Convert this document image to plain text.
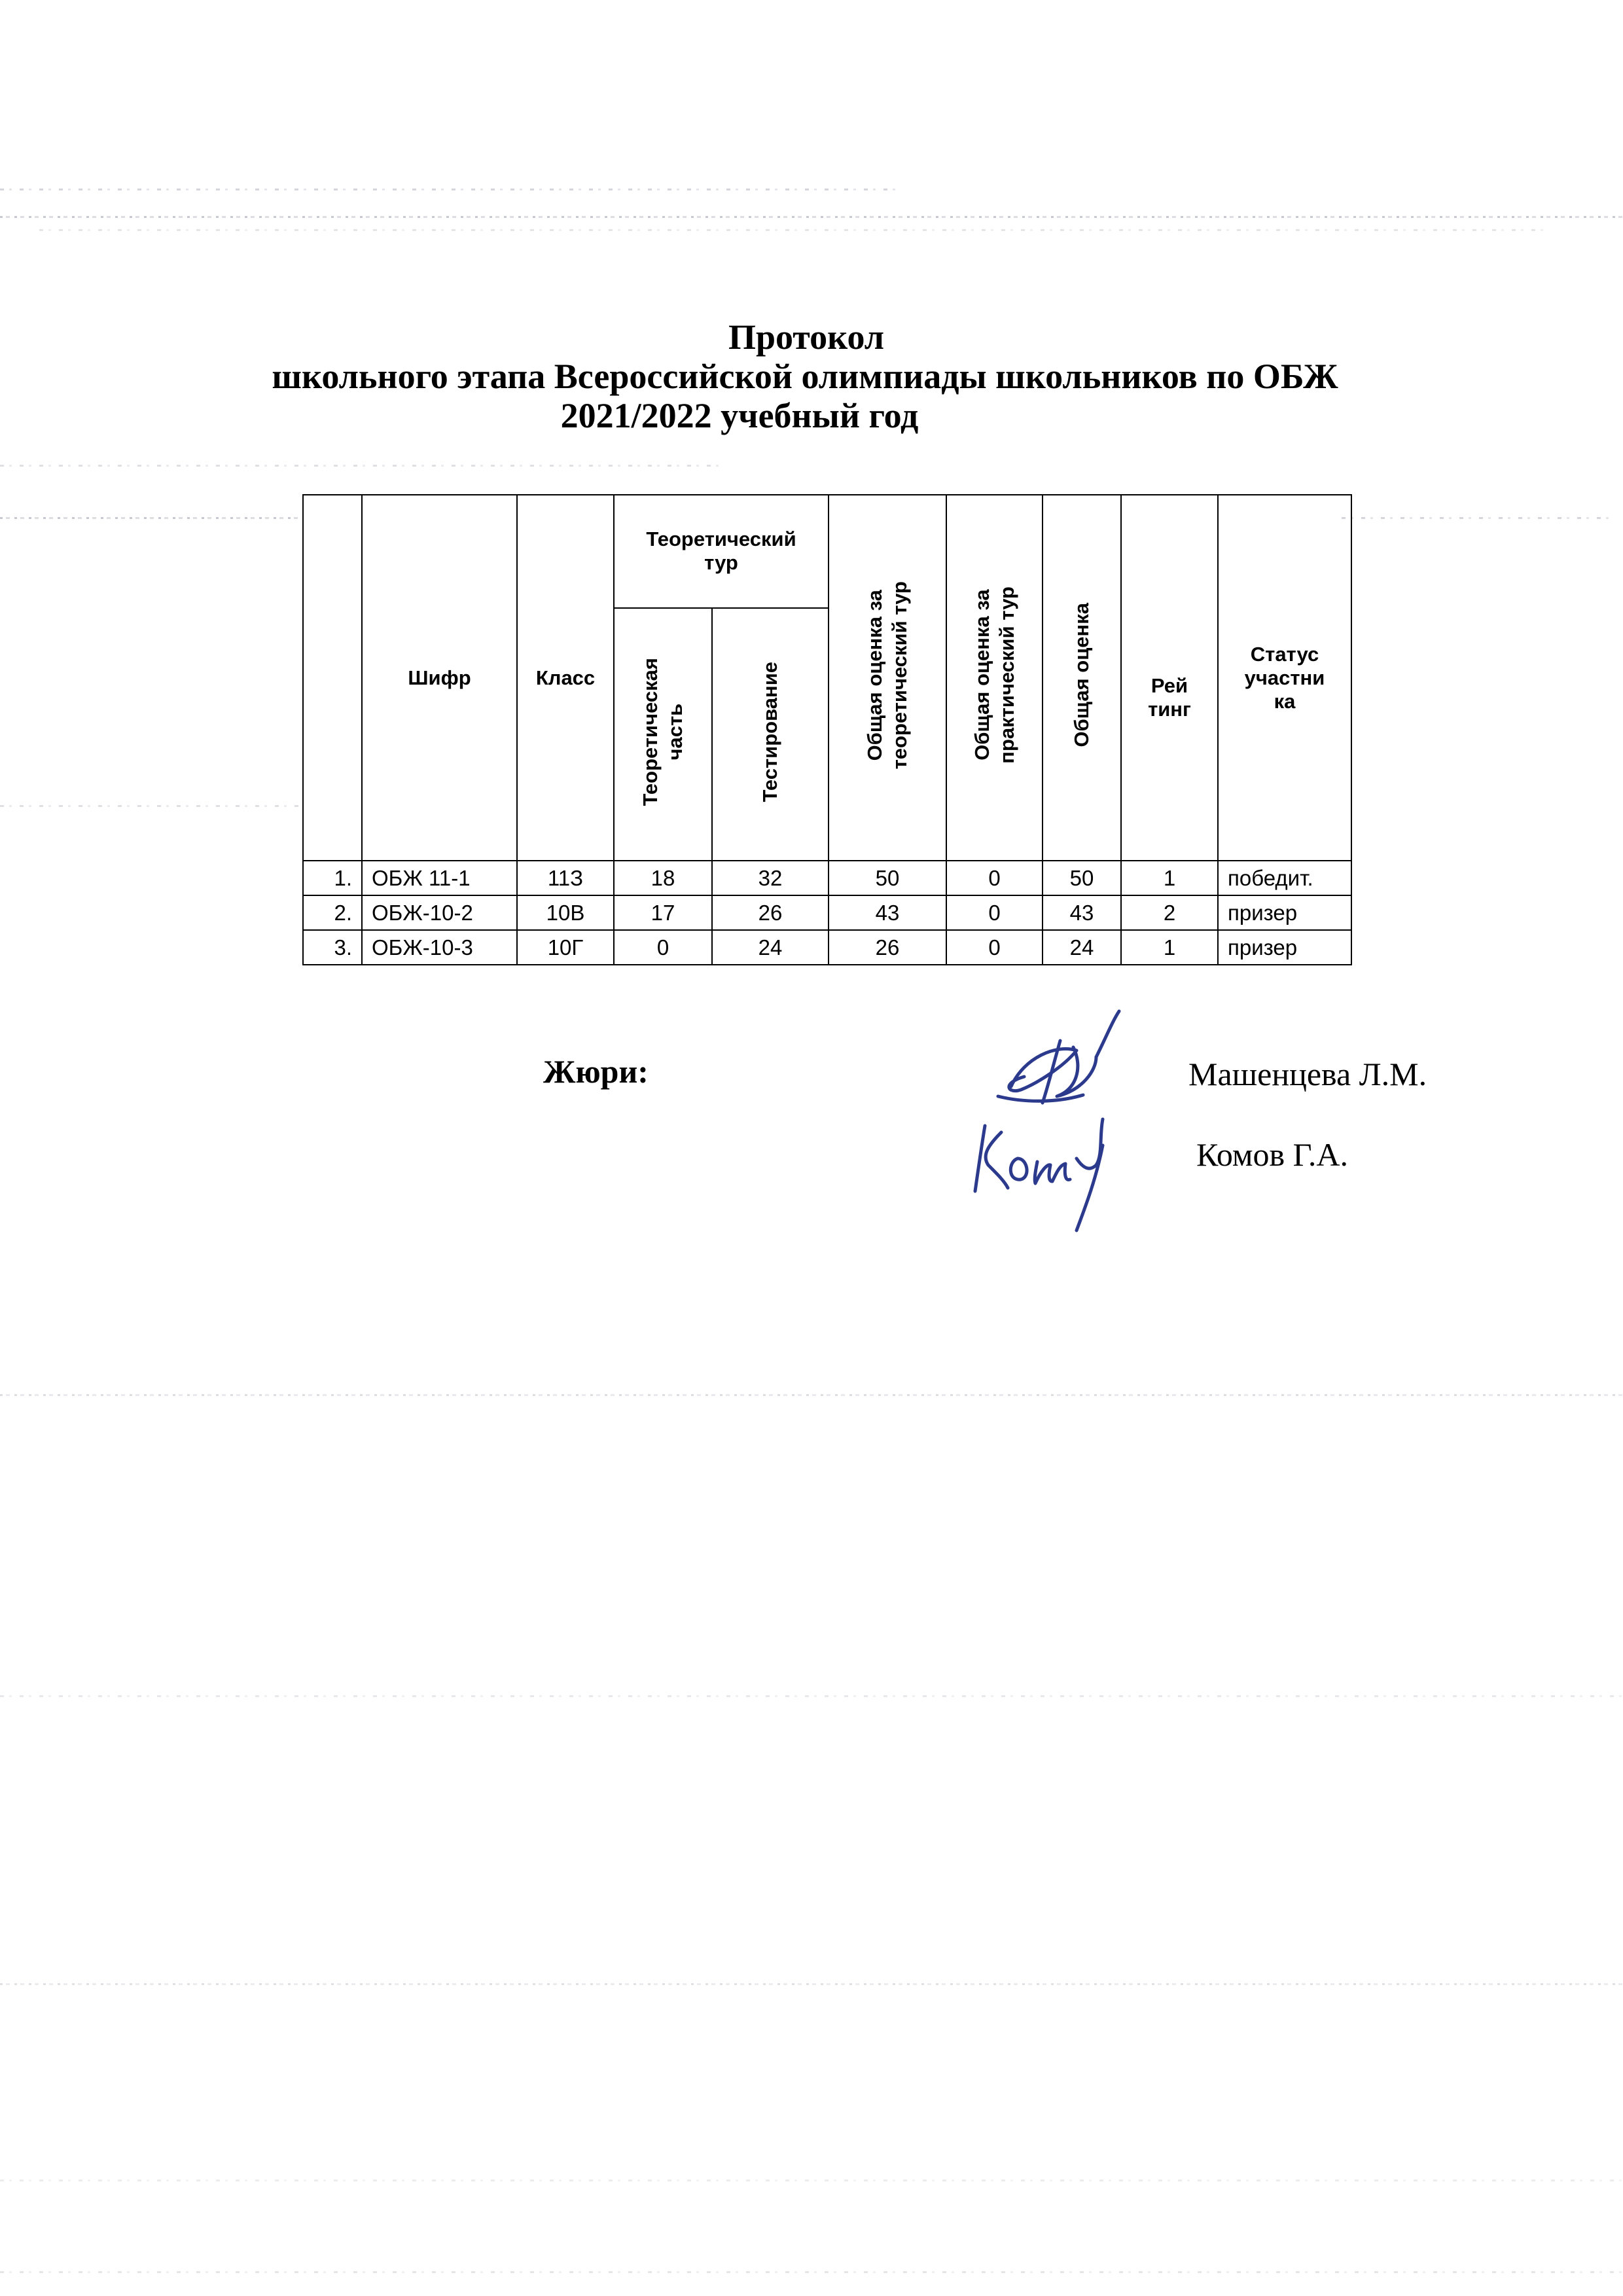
Протокол
школьного этапа Всероссийской олимпиады школьников по ОБЖ
2021/2022 учебный год
	Шифр	Класс	Теоретический тур		Общая оценка за
теоретический тур	Общая оценка за
практический тур	Общая оценка	Рей тинг	Статус участни ка
			Теоретическая
часть	Тестирование					
1.	ОБЖ 11-1	11З	18	32	50	0	50	1	победит.
2.	ОБЖ-10-2	10В	17	26	43	0	43	2	призер
3.	ОБЖ-10-3	10Г	0	24	26	0	24	1	призер
Жюри:	Машенцева Л.М.
Комов Г.А.
